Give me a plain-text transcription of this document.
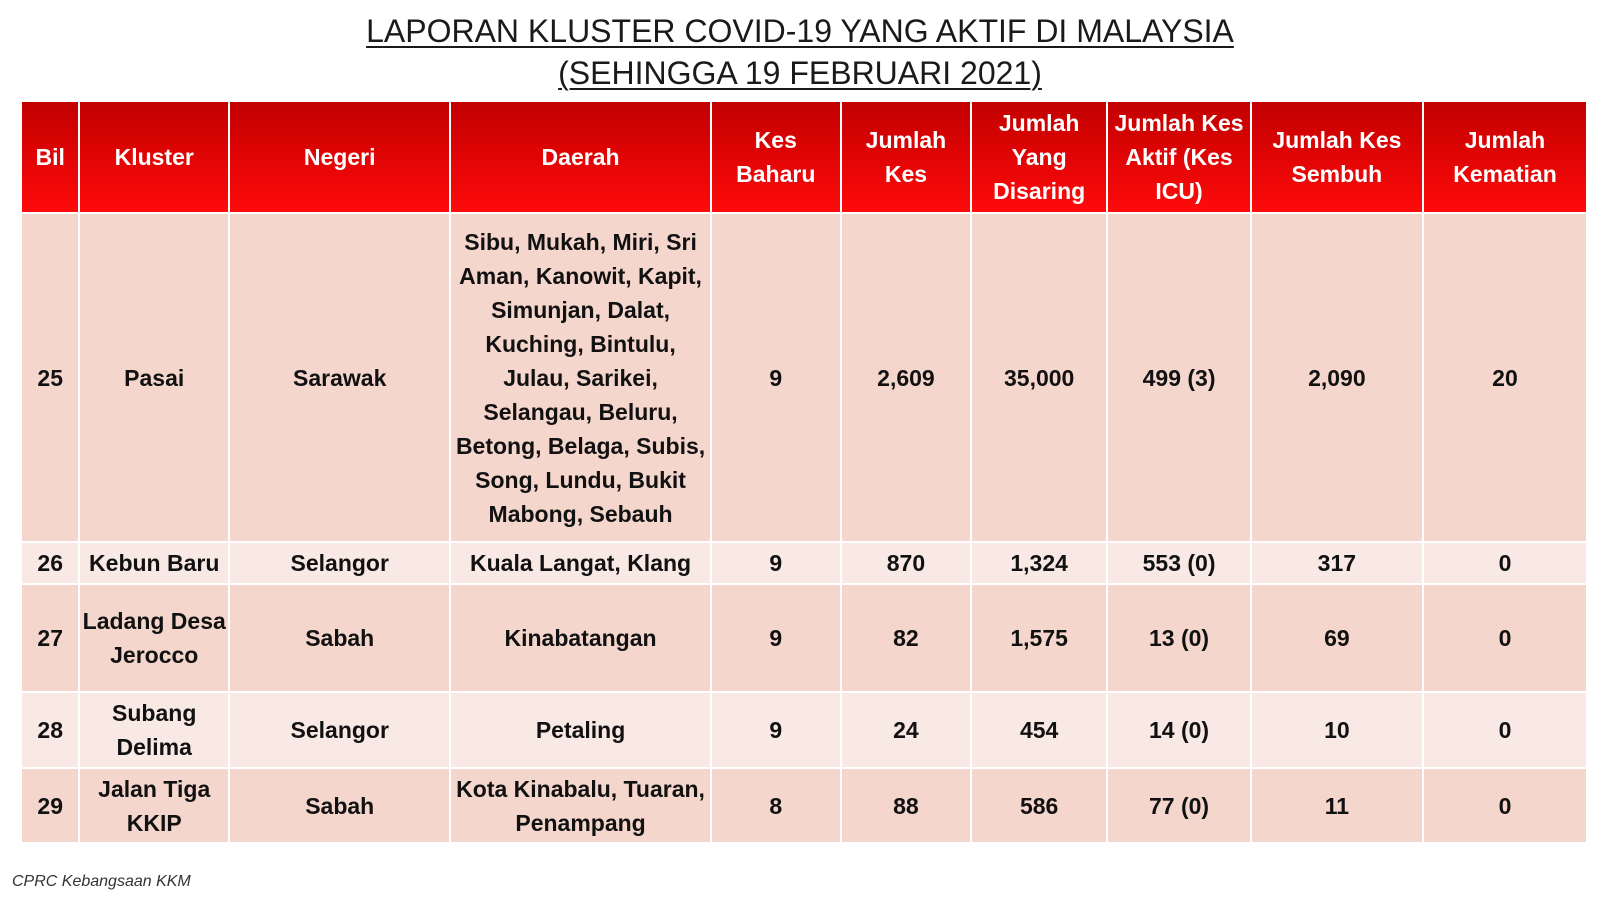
LAPORAN KLUSTER COVID-19 YANG AKTIF DI MALAYSIA
(SEHINGGA 19 FEBRUARI 2021)
Bil	Kluster	Negeri	Daerah	Kes Baharu	Jumlah Kes	Jumlah Yang Disaring	Jumlah Kes Aktif (Kes ICU)	Jumlah Kes Sembuh	Jumlah Kematian
25	Pasai	Sarawak	Sibu, Mukah, Miri, Sri Aman, Kanowit, Kapit, Simunjan, Dalat, Kuching, Bintulu, Julau, Sarikei, Selangau, Beluru, Betong, Belaga, Subis, Song, Lundu, Bukit Mabong, Sebauh	9	2,609	35,000	499 (3)	2,090	20
26	Kebun Baru	Selangor	Kuala Langat, Klang	9	870	1,324	553 (0)	317	0
27	Ladang Desa Jerocco	Sabah	Kinabatangan	9	82	1,575	13 (0)	69	0
28	Subang Delima	Selangor	Petaling	9	24	454	14 (0)	10	0
29	Jalan Tiga KKIP	Sabah	Kota Kinabalu, Tuaran, Penampang	8	88	586	77 (0)	11	0
CPRC Kebangsaan KKM
